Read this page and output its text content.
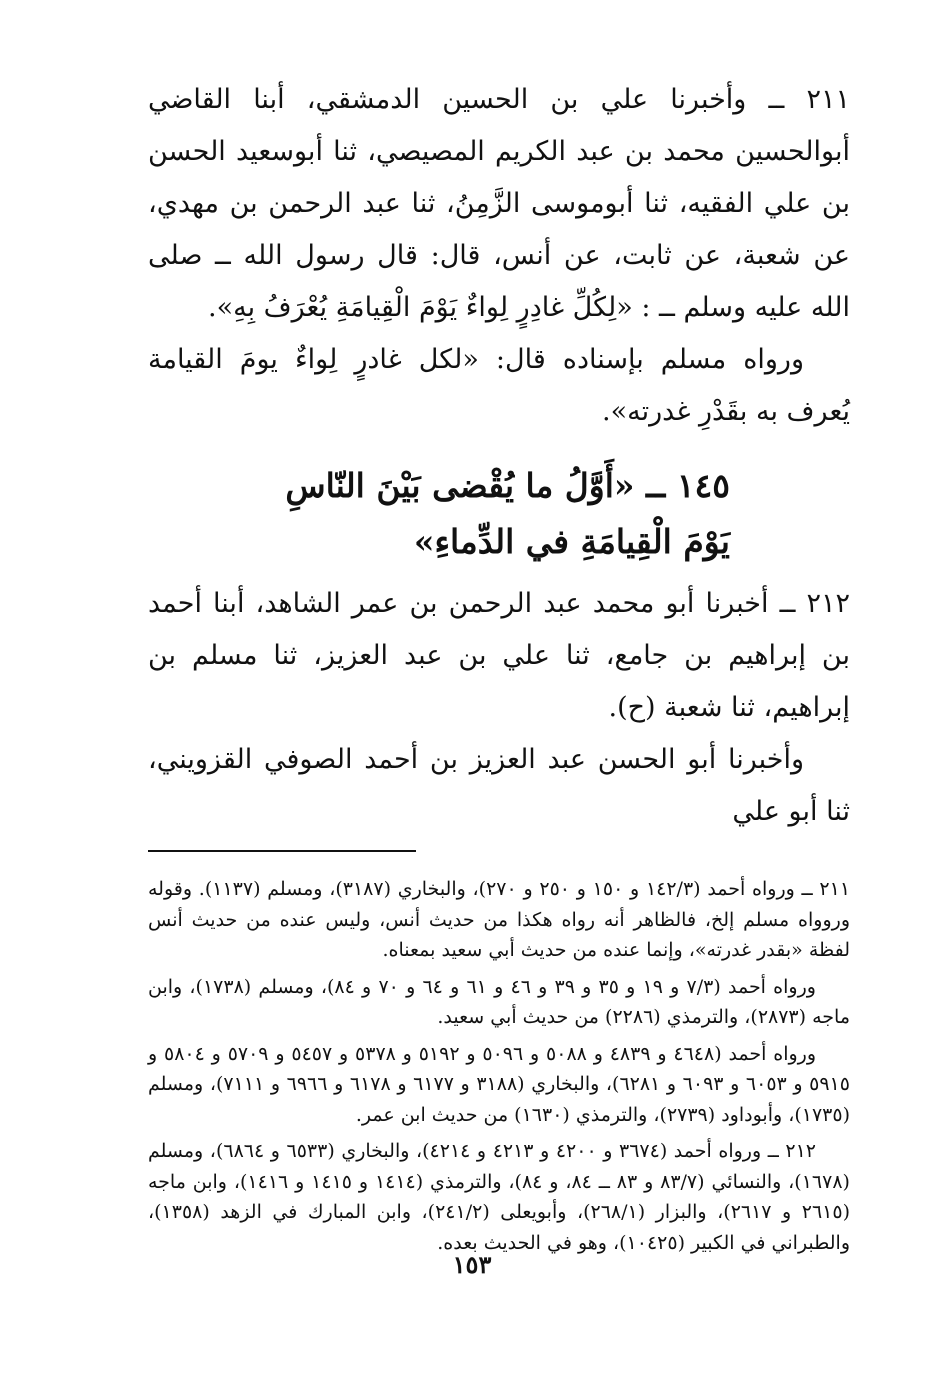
٢١١ ــ وأخبرنا علي بن الحسين الدمشقي، أبنا القاضي أبوالحسين محمد بن عبد الكريم المصيصي، ثنا أبوسعيد الحسن بن علي الفقيه، ثنا أبوموسى الزَّمِنُ، ثنا عبد الرحمن بن مهدي، عن شعبة، عن ثابت، عن أنس، قال: قال رسول الله ــ صلى الله عليه وسلم ــ : «لِكُلِّ غادِرٍ لِواءٌ يَوْمَ الْقِيامَةِ يُعْرَفُ بِهِ».

ورواه مسلم بإسناده قال: «لكل غادرٍ لِواءٌ يومَ القيامة يُعرف به بقَدْرِ غدرته».

١٤٥ ــ «أَوَّلُ ما يُقْضى بَيْنَ النّاسِ يَوْمَ الْقِيامَةِ في الدِّماءِ»

٢١٢ ــ أخبرنا أبو محمد عبد الرحمن بن عمر الشاهد، أبنا أحمد بن إبراهيم بن جامع، ثنا علي بن عبد العزيز، ثنا مسلم بن إبراهيم، ثنا شعبة (ح).

وأخبرنا أبو الحسن عبد العزيز بن أحمد الصوفي القزويني، ثنا أبو علي

٢١١ ــ ورواه أحمد (١٤٢/٣ و ١٥٠ و ٢٥٠ و ٢٧٠)، والبخاري (٣١٨٧)، ومسلم (١١٣٧). وقوله وروواه مسلم إلخ، فالظاهر أنه رواه هكذا من حديث أنس، وليس عنده من حديث أنس لفظة «بقدر غدرته»، وإنما عنده من حديث أبي سعيد بمعناه.

ورواه أحمد (٧/٣ و ١٩ و ٣٥ و ٣٩ و ٤٦ و ٦١ و ٦٤ و ٧٠ و ٨٤)، ومسلم (١٧٣٨)، وابن ماجه (٢٨٧٣)، والترمذي (٢٢٨٦) من حديث أبي سعيد.

ورواه أحمد (٤٦٤٨ و ٤٨٣٩ و ٥٠٨٨ و ٥٠٩٦ و ٥١٩٢ و ٥٣٧٨ و ٥٤٥٧ و ٥٧٠٩ و ٥٨٠٤ و ٥٩١٥ و ٦٠٥٣ و ٦٠٩٣ و ٦٢٨١)، والبخاري (٣١٨٨ و ٦١٧٧ و ٦١٧٨ و ٦٩٦٦ و ٧١١١)، ومسلم (١٧٣٥)، وأبوداود (٢٧٣٩)، والترمذي (١٦٣٠) من حديث ابن عمر.

٢١٢ ــ ورواه أحمد (٣٦٧٤ و ٤٢٠٠ و ٤٢١٣ و ٤٢١٤)، والبخاري (٦٥٣٣ و ٦٨٦٤)، ومسلم (١٦٧٨)، والنسائي (٨٣/٧ و ٨٣ ــ ٨٤، و ٨٤)، والترمذي (١٤١٤ و ١٤١٥ و ١٤١٦)، وابن ماجه (٢٦١٥ و ٢٦١٧)، والبزار (٢٦٨/١)، وأبويعلى (٢٤١/٢)، وابن المبارك في الزهد (١٣٥٨)، والطبراني في الكبير (١٠٤٢٥)، وهو في الحديث بعده.

١٥٣
